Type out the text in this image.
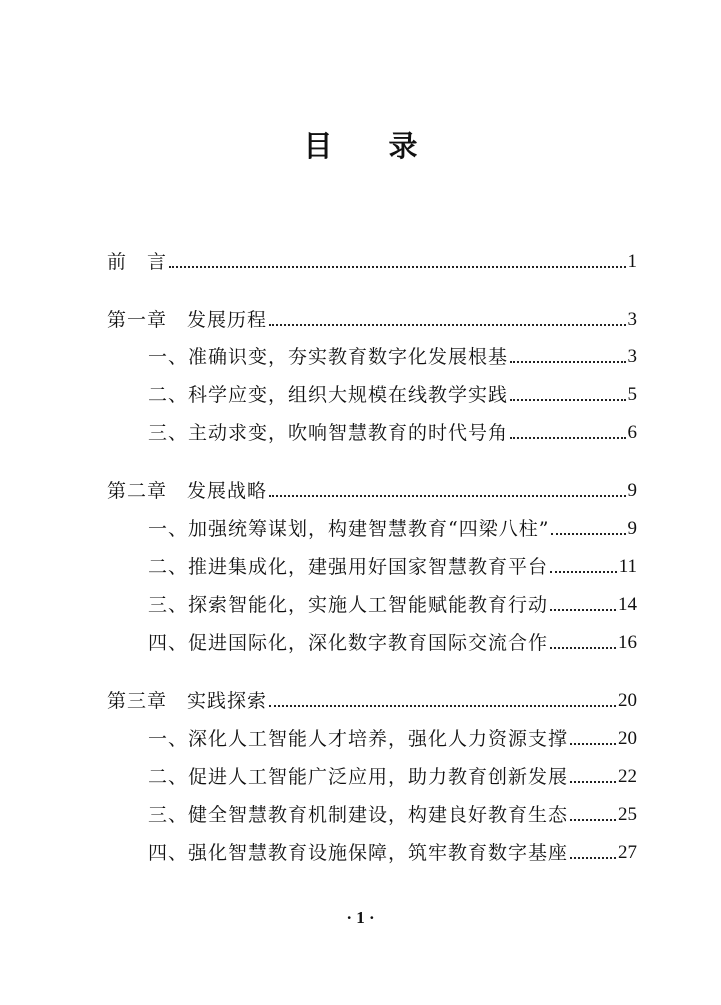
目 录
前　言	1
第一章　发展历程	3
一、准确识变，夯实教育数字化发展根基	3
二、科学应变，组织大规模在线教学实践	5
三、主动求变，吹响智慧教育的时代号角	6
第二章　发展战略	9
一、加强统筹谋划，构建智慧教育“四梁八柱”	9
二、推进集成化，建强用好国家智慧教育平台	11
三、探索智能化，实施人工智能赋能教育行动	14
四、促进国际化，深化数字教育国际交流合作	16
第三章　实践探索	20
一、深化人工智能人才培养，强化人力资源支撑	20
二、促进人工智能广泛应用，助力教育创新发展	22
三、健全智慧教育机制建设，构建良好教育生态	25
四、强化智慧教育设施保障，筑牢教育数字基座	27
· 1 ·
